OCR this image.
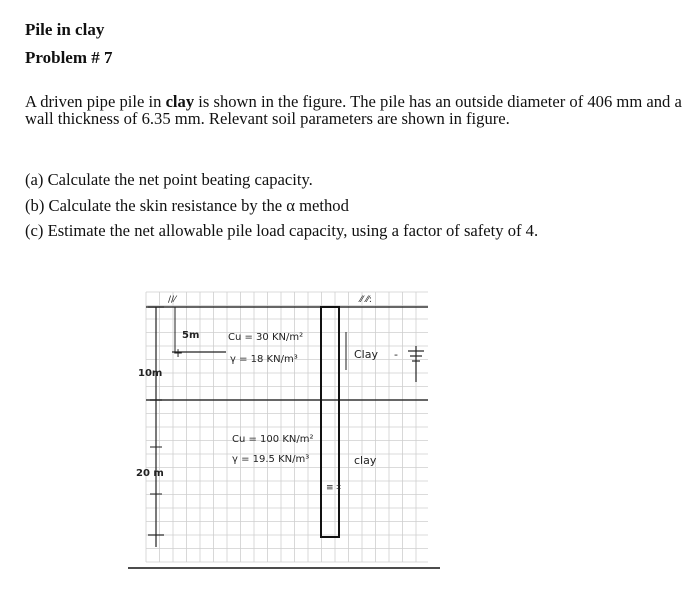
Pile in clay
Problem # 7
A driven pipe pile in clay is shown in the figure. The pile has an outside diameter of 406 mm and a wall thickness of 6.35 mm. Relevant soil parameters are shown in figure.
(a) Calculate the net point beating capacity.
(b) Calculate the skin resistance by the α method
(c) Estimate the net allowable pile load capacity, using a factor of safety of 4.
//⁄	⁄⁄ ⁄⁄:
≡ ‡
+
5m
10m
20 m
Cu = 30 KN/m²
γ = 18 KN/m³	Clay -
Cu = 100 KN/m²
γ = 19.5 KN/m³	clay
